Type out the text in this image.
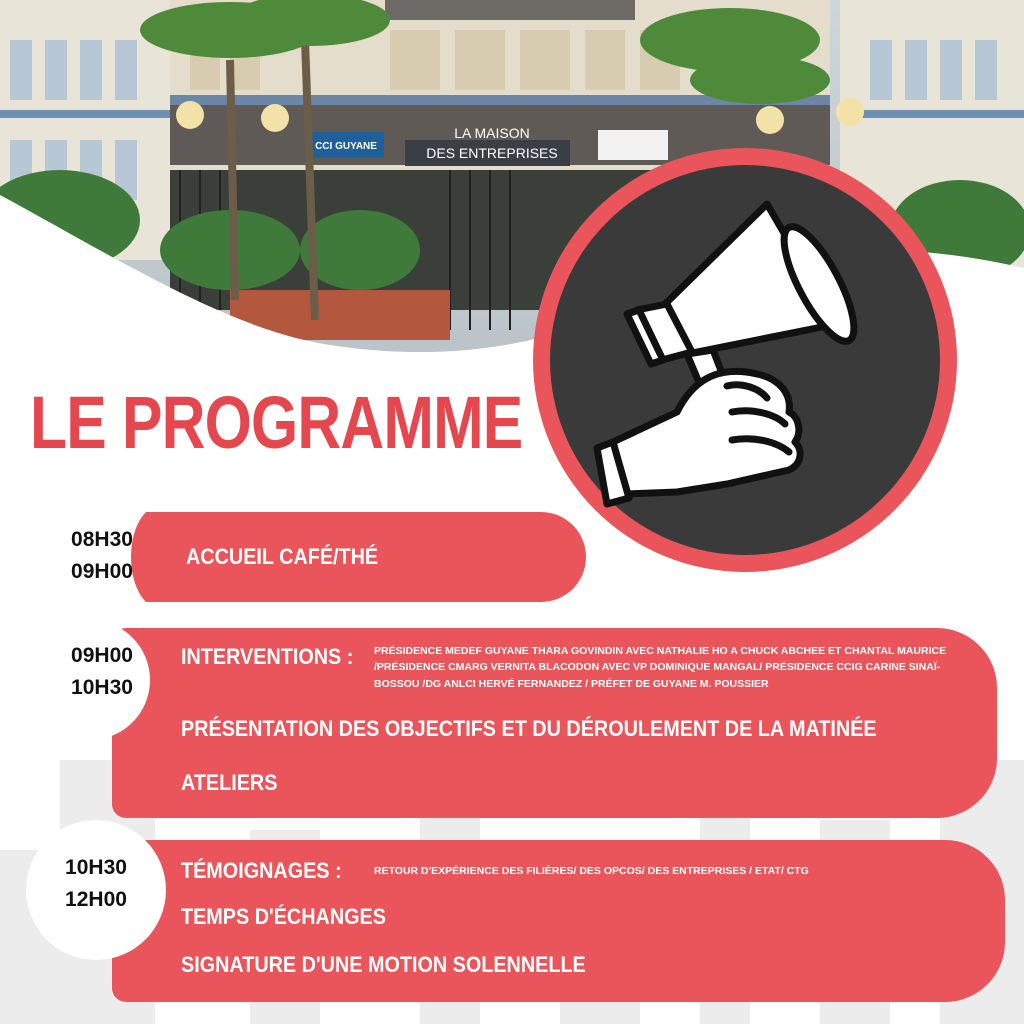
CCI GUYANE
LA MAISON
DES ENTREPRISES
LE PROGRAMME
08H30
09H00
ACCUEIL CAFÉ/THÉ
09H00
10H30
INTERVENTIONS : PRÉSIDENCE MEDEF GUYANE THARA GOVINDIN AVEC NATHALIE HO A CHUCK ABCHEE ET CHANTAL MAURICE /PRÉSIDENCE CMARG VERNITA BLACODON AVEC VP DOMINIQUE MANGAL/ PRÉSIDENCE CCIG CARINE SINAÏ-BOSSOU /DG ANLCI HERVÉ FERNANDEZ / PRÉFET DE GUYANE M. POUSSIER
PRÉSENTATION DES OBJECTIFS ET DU DÉROULEMENT DE LA MATINÉE
ATELIERS
10H30
12H00
TÉMOIGNAGES :	RETOUR D'EXPÉRIENCE DES FILIÈRES/ DES OPCOS/ DES ENTREPRISES / ETAT/ CTG
TEMPS D'ÉCHANGES
SIGNATURE D'UNE MOTION SOLENNELLE
